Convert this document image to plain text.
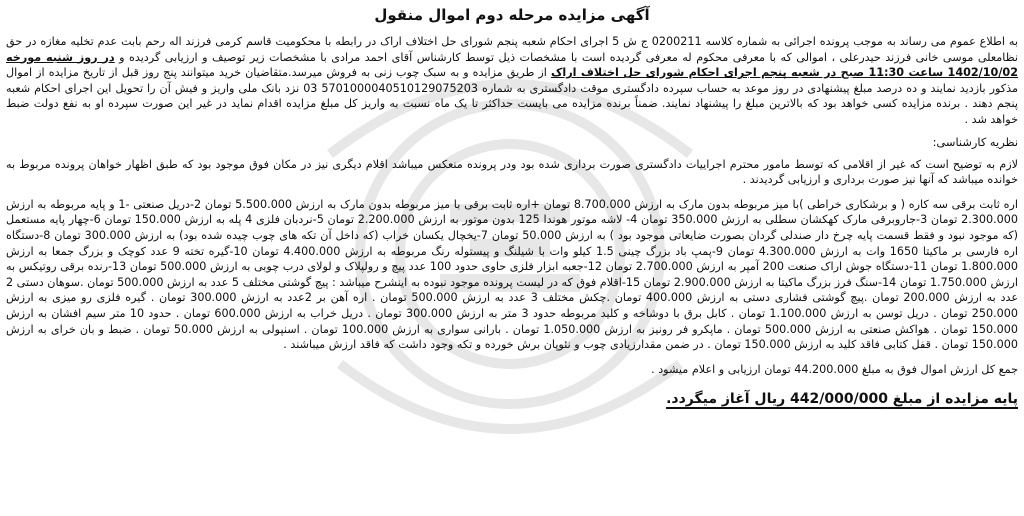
آگهی مزایده مرحله دوم اموال منقول

به اطلاع عموم می رساند به موجب پرونده اجرائی به شماره کلاسه 0200211 ج ش 5 اجرای احکام شعبه پنجم شورای حل اختلاف اراک در رابطه با محکومیت قاسم کرمی فرزند اله رحم بابت عدم تخلیه مغازه در حق نظامعلی موسی خانی فرزند حیدرعلی ، اموالی که با معرفی محکوم له معرفی گردیده است با مشخصات ذیل توسط کارشناس آقای احمد مرادی با مشخصات زیر توصیف و ارزیابی گردیده و در روز شنبه مورخه 1402/10/02 ساعت 11:30 صبح در شعبه پنجم اجرای احکام شورای حل اختلاف اراک از طریق مزایده و به سبک چوب زنی به فروش میرسد.متقاضیان خرید میتوانند پنج روز قبل از تاریخ مزایده از اموال مذکور بازدید نمایند و ده درصد مبلغ پیشنهادی در روز موعد به حساب سپرده دادگستری موقت دادگستری به شماره 5701000040510129075203 03 نزد بانک ملی واریز و فیش آن را تحویل این اجرای احکام شعبه پنجم دهند . برنده مزایده کسی خواهد بود که بالاترین مبلغ را پیشنهاد نمایند. ضمناً برنده مزایده می بایست حداکثر تا یک ماه نسبت به واریز کل مبلغ مزایده اقدام نماید در غیر این صورت سپرده او به نفع دولت ضبط خواهد شد .

نظریه کارشناسی:

لازم به توضیح است که غیر از اقلامی که توسط مامور محترم اجراییات دادگستری صورت برداری شده بود ودر پرونده منعکس میباشد اقلام دیگری نیز در مکان فوق موجود بود که طبق اظهار خواهان پرونده مربوط به خوانده میباشد که آنها نیز صورت برداری و ارزیابی گردیدند .

اره ثابت برقی سه کاره ( و برشکاری خراطی )با میز مربوطه بدون مارک به ارزش 8.700.000 تومان +اره ثابت برقی با میز مربوطه بدون مارک به ارزش 5.500.000 تومان 2-دریل صنعتی -1 و پایه مربوطه به ارزش 2.300.000 تومان 3-جاروبرقی مارک کهکشان سطلی به ارزش 350.000 تومان 4- لاشه موتور هوندا 125 بدون موتور به ارزش 2.200.000 تومان 5-نردبان فلزی 4 پله به ارزش 150.000 تومان 6-چهار پایه مستعمل (که موجود نبود و فقط قسمت پایه چرخ دار صندلی گردان بصورت ضایعاتی موجود بود ) به ارزش 50.000 تومان 7-یخچال یکسان خراب (که داخل آن تکه های چوب چیده شده بود) به ارزش 300.000 تومان 8-دستگاه اره فارسی بر ماکیتا 1650 وات به ارزش 4.300.000 تومان 9-پمپ باد بزرگ چینی 1.5 کیلو وات با شیلنگ و پیستوله رنگ مربوطه به ارزش 4.400.000 تومان 10-گیره تخته 9 عدد کوچک و بزرگ جمعا به ارزش 1.800.000 تومان 11-دستگاه جوش اراک صنعت 200 آمپر به ارزش 2.700.000 تومان 12-جعبه ابزار فلزی حاوی حدود 100 عدد پیچ و رولپلاک و لولای درب چوبی به ارزش 500.000 تومان 13-رنده برقی روتیکس به ارزش 1.750.000 تومان 14-سنگ فرز بزرگ ماکیتا به ارزش 2.900.000 تومان 15-اقلام فوق که در لیست پرونده موجود نبوده به اینشرح میباشد : پیچ گوشتی مختلف 5 عدد به ارزش 500.000 تومان .سوهان دستی 2 عدد به ارزش 200.000 تومان .پیچ گوشتی فشاری دستی به ارزش 400.000 تومان .چکش مختلف 3 عدد به ارزش 500.000 تومان . اره آهن بر 2عدد به ارزش 300.000 تومان . گیره فلزی رو میزی به ارزش 250.000 تومان . دریل توسن به ارزش 1.100.000 تومان . کابل برق با دوشاخه و کلید مربوطه حدود 3 متر به ارزش 300.000 تومان . دریل خراب به ارزش 600.000 تومان . حدود 10 متر سیم افشان به ارزش 150.000 تومان . هواکش صنعتی به ارزش 500.000 تومان . ماپکرو فر رونیز به ارزش 1.050.000 تومان . بارانی سواری به ارزش 100.000 تومان . اسنپولی به ارزش 50.000 تومان . ضبط و بان خرای به ارزش 150.000 تومان . قفل کتابی فاقد کلید به ارزش 150.000 تومان . در ضمن مقدارزیادی چوب و نئوپان برش خورده و تکه وجود داشت که فاقد ارزش میباشند .

جمع کل ارزش اموال فوق به مبلغ 44.200.000 تومان ارزیابی و اعلام میشود .

پایه مزایده از مبلغ 442/000/000 ریال آغاز میگردد.
